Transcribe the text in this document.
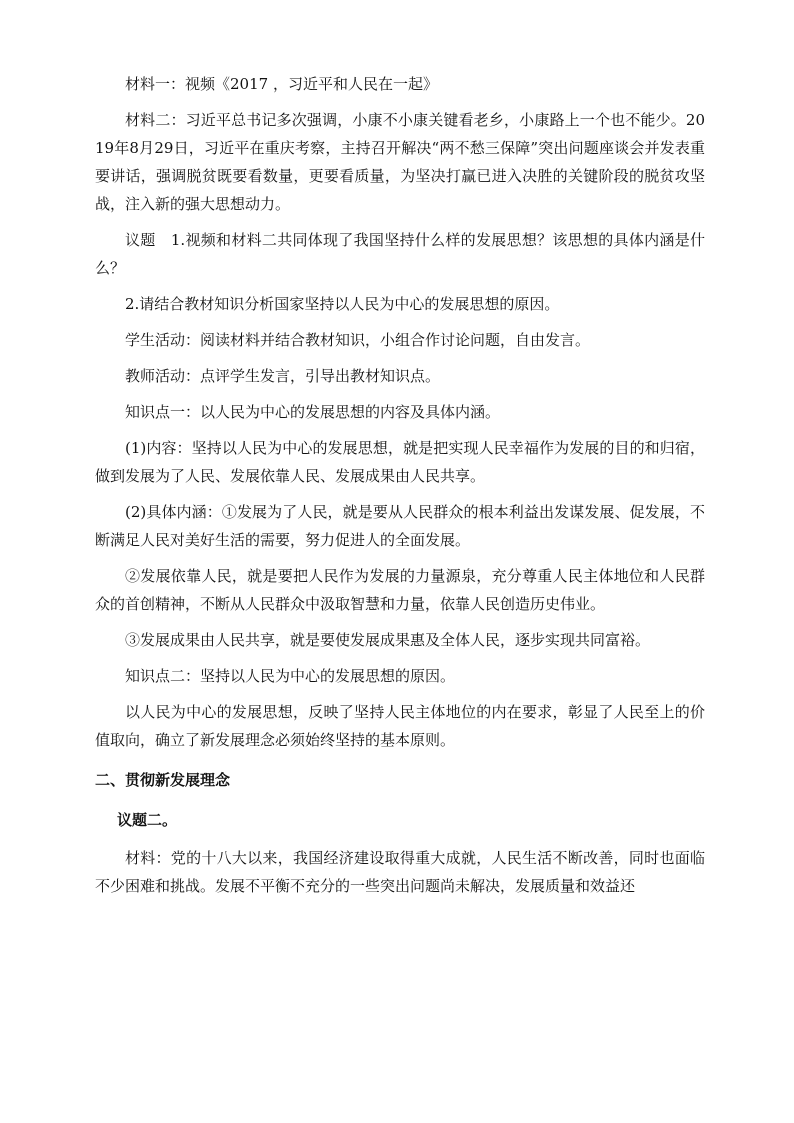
材料一：视频《2017 ，习近平和人民在一起》

材料二：习近平总书记多次强调，小康不小康关键看老乡，小康路上一个也不能少。2019年8月29日，习近平在重庆考察，主持召开解决“两不愁三保障”突出问题座谈会并发表重要讲话，强调脱贫既要看数量，更要看质量，为坚决打赢已进入决胜的关键阶段的脱贫攻坚战，注入新的强大思想动力。

议题　1.视频和材料二共同体现了我国坚持什么样的发展思想？该思想的具体内涵是什么？

2.请结合教材知识分析国家坚持以人民为中心的发展思想的原因。

学生活动：阅读材料并结合教材知识，小组合作讨论问题，自由发言。

教师活动：点评学生发言，引导出教材知识点。

知识点一：以人民为中心的发展思想的内容及具体内涵。

(1)内容：坚持以人民为中心的发展思想，就是把实现人民幸福作为发展的目的和归宿，做到发展为了人民、发展依靠人民、发展成果由人民共享。

(2)具体内涵：①发展为了人民，就是要从人民群众的根本利益出发谋发展、促发展，不断满足人民对美好生活的需要，努力促进人的全面发展。

②发展依靠人民，就是要把人民作为发展的力量源泉，充分尊重人民主体地位和人民群众的首创精神，不断从人民群众中汲取智慧和力量，依靠人民创造历史伟业。

③发展成果由人民共享，就是要使发展成果惠及全体人民，逐步实现共同富裕。

知识点二：坚持以人民为中心的发展思想的原因。

以人民为中心的发展思想，反映了坚持人民主体地位的内在要求，彰显了人民至上的价值取向，确立了新发展理念必须始终坚持的基本原则。

二、贯彻新发展理念
议题二。

材料：党的十八大以来，我国经济建设取得重大成就，人民生活不断改善，同时也面临不少困难和挑战。发展不平衡不充分的一些突出问题尚未解决，发展质量和效益还
